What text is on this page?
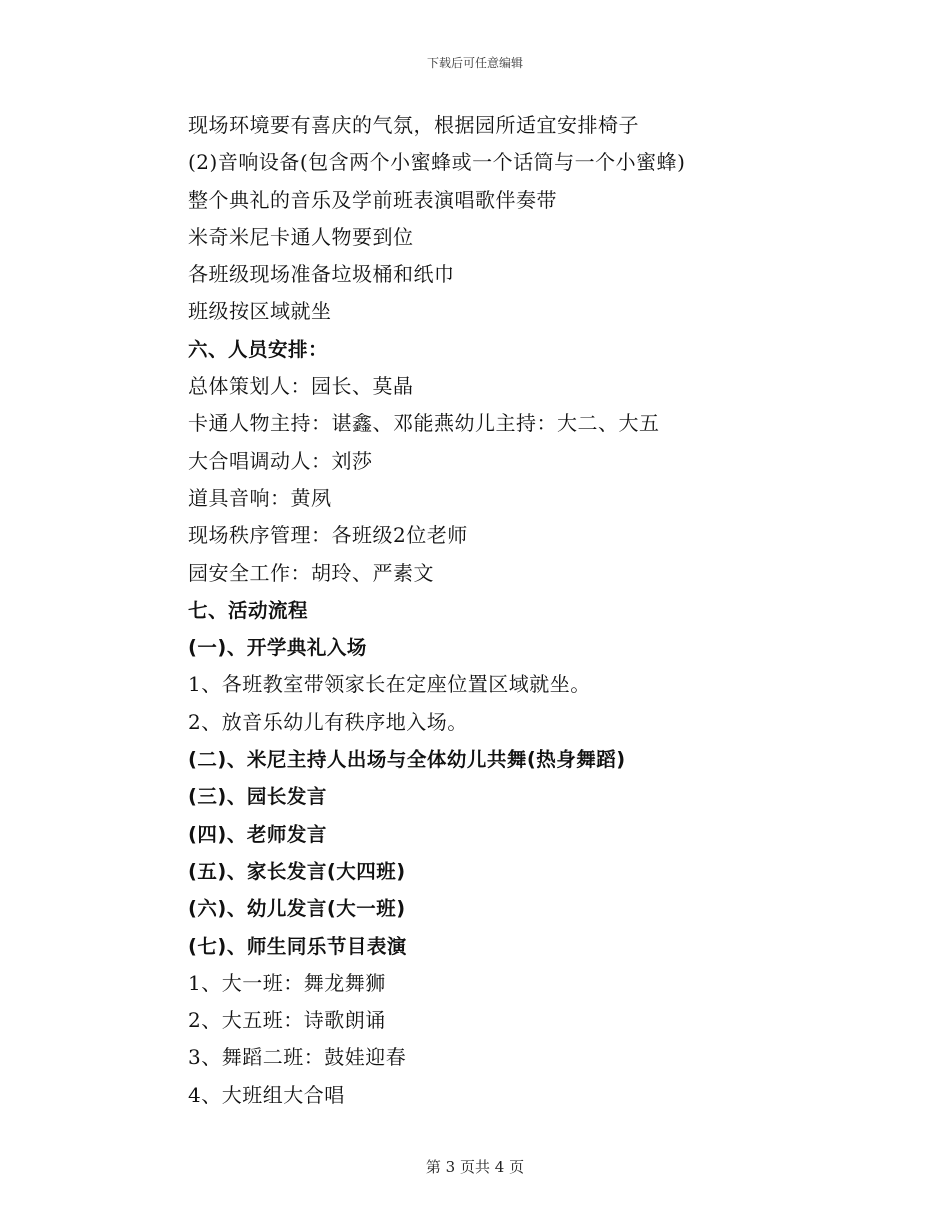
下载后可任意编辑
现场环境要有喜庆的气氛，根据园所适宜安排椅子
(2)音响设备(包含两个小蜜蜂或一个话筒与一个小蜜蜂)
整个典礼的音乐及学前班表演唱歌伴奏带
米奇米尼卡通人物要到位
各班级现场准备垃圾桶和纸巾
班级按区域就坐
六、人员安排：
总体策划人：园长、莫晶
卡通人物主持：谌鑫、邓能燕幼儿主持：大二、大五
大合唱调动人：刘莎
道具音响：黄夙
现场秩序管理：各班级2位老师
园安全工作：胡玲、严素文
七、活动流程
(一)、开学典礼入场
1、各班教室带领家长在定座位置区域就坐。
2、放音乐幼儿有秩序地入场。
(二)、米尼主持人出场与全体幼儿共舞(热身舞蹈)
(三)、园长发言
(四)、老师发言
(五)、家长发言(大四班)
(六)、幼儿发言(大一班)
(七)、师生同乐节目表演
1、大一班：舞龙舞狮
2、大五班：诗歌朗诵
3、舞蹈二班：鼓娃迎春
4、大班组大合唱
第 3 页共 4 页
